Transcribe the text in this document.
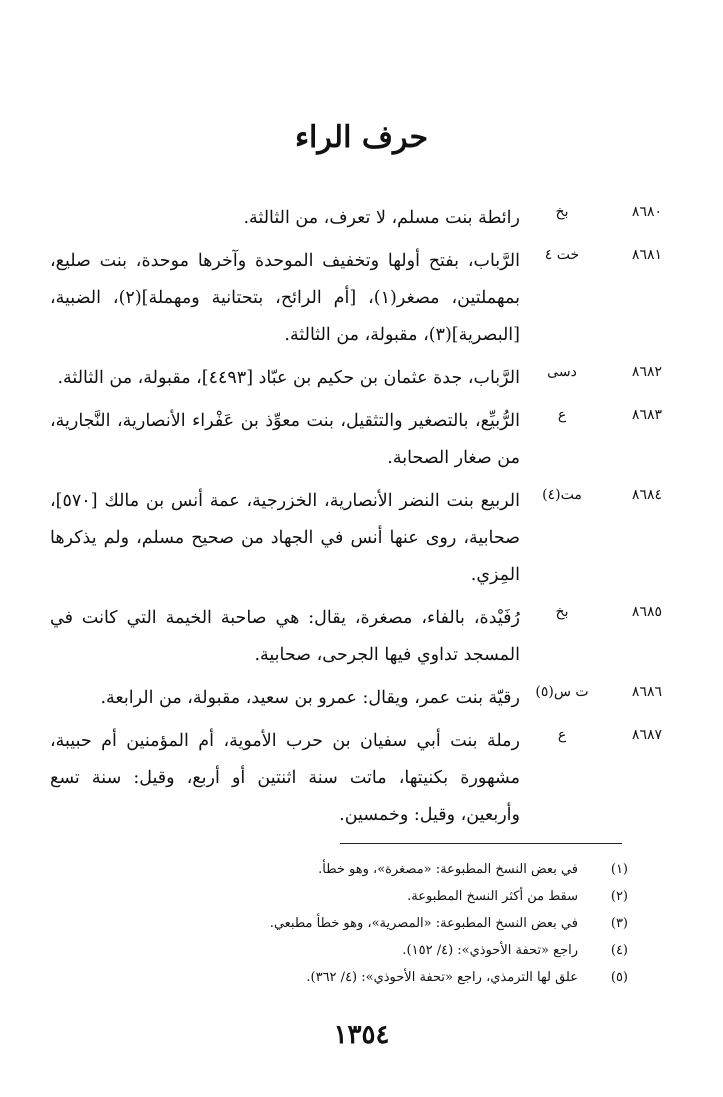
حرف الراء
٨٦٨٠
بخ
رائطة بنت مسلم، لا تعرف، من الثالثة.
٨٦٨١
خت ٤
الرَّباب، بفتح أولها وتخفيف الموحدة وآخرها موحدة، بنت صليع، بمهملتين، مصغر(١)، [أم الرائح، بتحتانية ومهملة](٢)، الضبية، [البصرية](٣)، مقبولة، من الثالثة.
٨٦٨٢
دسى
الرَّباب، جدة عثمان بن حكيم بن عبّاد [٤٤٩٣]، مقبولة، من الثالثة.
٨٦٨٣
ع
الرُّبيِّع، بالتصغير والتثقيل، بنت معوِّذ بن عَفْراء الأنصارية، النَّجارية، من صغار الصحابة.
٨٦٨٤
مت(٤)
الربيع بنت النضر الأنصارية، الخزرجية، عمة أنس بن مالك [٥٧٠]، صحابية، روى عنها أنس في الجهاد من صحيح مسلم، ولم يذكرها المِزي.
٨٦٨٥
بخ
رُفَيْدة، بالفاء، مصغرة، يقال: هي صاحبة الخيمة التي كانت في المسجد تداوي فيها الجرحى، صحابية.
٨٦٨٦
ت س(٥)
رقيّة بنت عمر، ويقال: عمرو بن سعيد، مقبولة، من الرابعة.
٨٦٨٧
ع
رملة بنت أبي سفيان بن حرب الأموية، أم المؤمنين أم حبيبة، مشهورة بكنيتها، ماتت سنة اثنتين أو أربع، وقيل: سنة تسع وأربعين، وقيل: وخمسين.
(١)
في بعض النسخ المطبوعة: «مصغرة»، وهو خطأ.
(٢)
سقط من أكثر النسخ المطبوعة.
(٣)
في بعض النسخ المطبوعة: «المصرية»، وهو خطأ مطبعي.
(٤)
راجع «تحفة الأحوذي»: (٤/ ١٥٢).
(٥)
علق لها الترمذي، راجع «تحفة الأحوذي»: (٤/ ٣٦٢).
١٣٥٤
